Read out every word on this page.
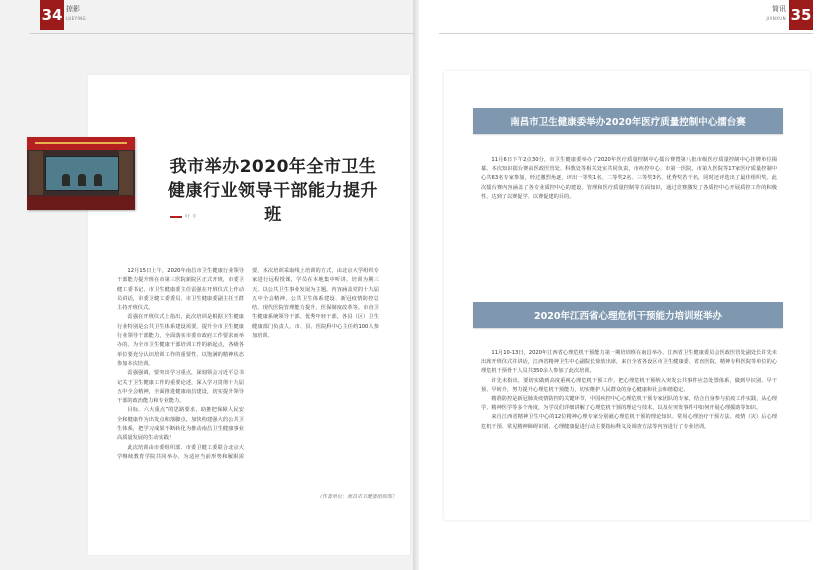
34 掠影
LUEYING
我市举办2020年全市卫生
健康行业领导干部能力提升班
叶 丰

12月15日上午，2020年南昌市卫生健康行业领导干部能力提升班在市第三医院新院区正式开班，市委卫健工委书记、市卫生健康委主任雷强在开班仪式上作动员讲话，市委卫健工委委员、市卫生健康委副主任王群主持开班仪式。

雷强在开班仪式上指出，此次培训是根据卫生健康行业特别是公共卫生体系建设需要，提升全市卫生健康行业领导干部能力，全面落实市委市政府工作要求而举办的。为全市卫生健康干部培训工作的新起点，各级各单位要充分认识培训工作的重要性，以饱满的精神状态参加本次培训。

雷强强调，要突出学习重点，深刻领会习近平总书记关于卫生健康工作的重要论述，深入学习贯彻十九届五中全会精神，全面推进健康南昌建设，切实提升领导干部的政治能力和专业能力。

目标、六大重点”的思路要求，助推把保障人民安全和健康作为出发点和落脚点，加快构建强大的公共卫生体系，把学习成果不断转化为推动南昌卫生健康事业高质量发展的生动实践！

此次培训由市委组织部、市委卫健工委联合北京大学继续教育学院共同举办，为适应当前形势和履职需要，本次培训采取线上培训的方式，由北京大学组织专家进行远程授课，学员在本地集中听讲。培训为期三天，以公共卫生事业发展为主题，内容涵盖党的十九届五中全会精神、公共卫生体系建设、新冠疫情防控总结、现代医院管理能力提升、医保制度改革等。市直卫生健康系统领导干部、优秀年轻干部，各县（区）卫生健康部门负责人、市、县、医院科中心主任约100人参加培训。

（作者单位：南昌市卫健委组织部）
35
简讯
JIANXUN
南昌市卫生健康委举办2020年医疗质量控制中心擂台赛

11月6日下午2点30分，市卫生健康委举办了2020年医疗质量控制中心擂台赛暨第八批市级医疗质量控制中心挂牌单位揭幕。本次知识擂台赛由医政医管处、科教处等相关处室共同负责，市疾控中心、市第一医院、市第九医院等17家医疗质量控制中心共63名专家参加，经过激烈角逐，评出一等奖1名、二等奖2名、三等奖3名、优秀奖若干名，同时还评选出了最佳组织奖。此次擂台赛内容涵盖了各专业质控中心的建设、管理和医疗质量控制等方面知识，通过竞赛激发了各质控中心开展质控工作的积极性，达到了以赛促学、以赛促建的目的。

2020年江西省心理危机干预能力培训班举办

11月10-13日，2020年江西省心理危机干预能力第一期培训班在南昌举办。江西省卫生健康委员会医政医管处副处长许先未出席开班仪式并讲话，江西省精神卫生中心副院长徐放出席，来自全省各设区市卫生健康委、省直医院、精神专科医院等单位的心理危机干预骨干人员共350余人参加了此次培训。

许先未指出，要切实做到高度重视心理危机干预工作，把心理危机干预纳入突发公共事件应急处置体系，做到早识别、早干预、早转介，努力提升心理危机干预能力，切实维护人民群众的身心健康和社会和谐稳定。

精准防控是新冠肺炎疫情防控的关键环节，中国疾控中心心理危机干预专家团队的专家，结合自身参与抗疫工作实践，从心理学、精神医学等多个角度，为学员们详细讲解了心理危机干预的理论与技术，以及在突发事件中如何开展心理援助等知识。

来自江西省精神卫生中心的12位精神心理专家分别就心理危机干预的理论知识、常用心理治疗干预方法、疫情（灾）后心理危机干预、常见精神障碍识别、心理健康促进行动主要指标释义及调查方法等内容进行了专业培训。
